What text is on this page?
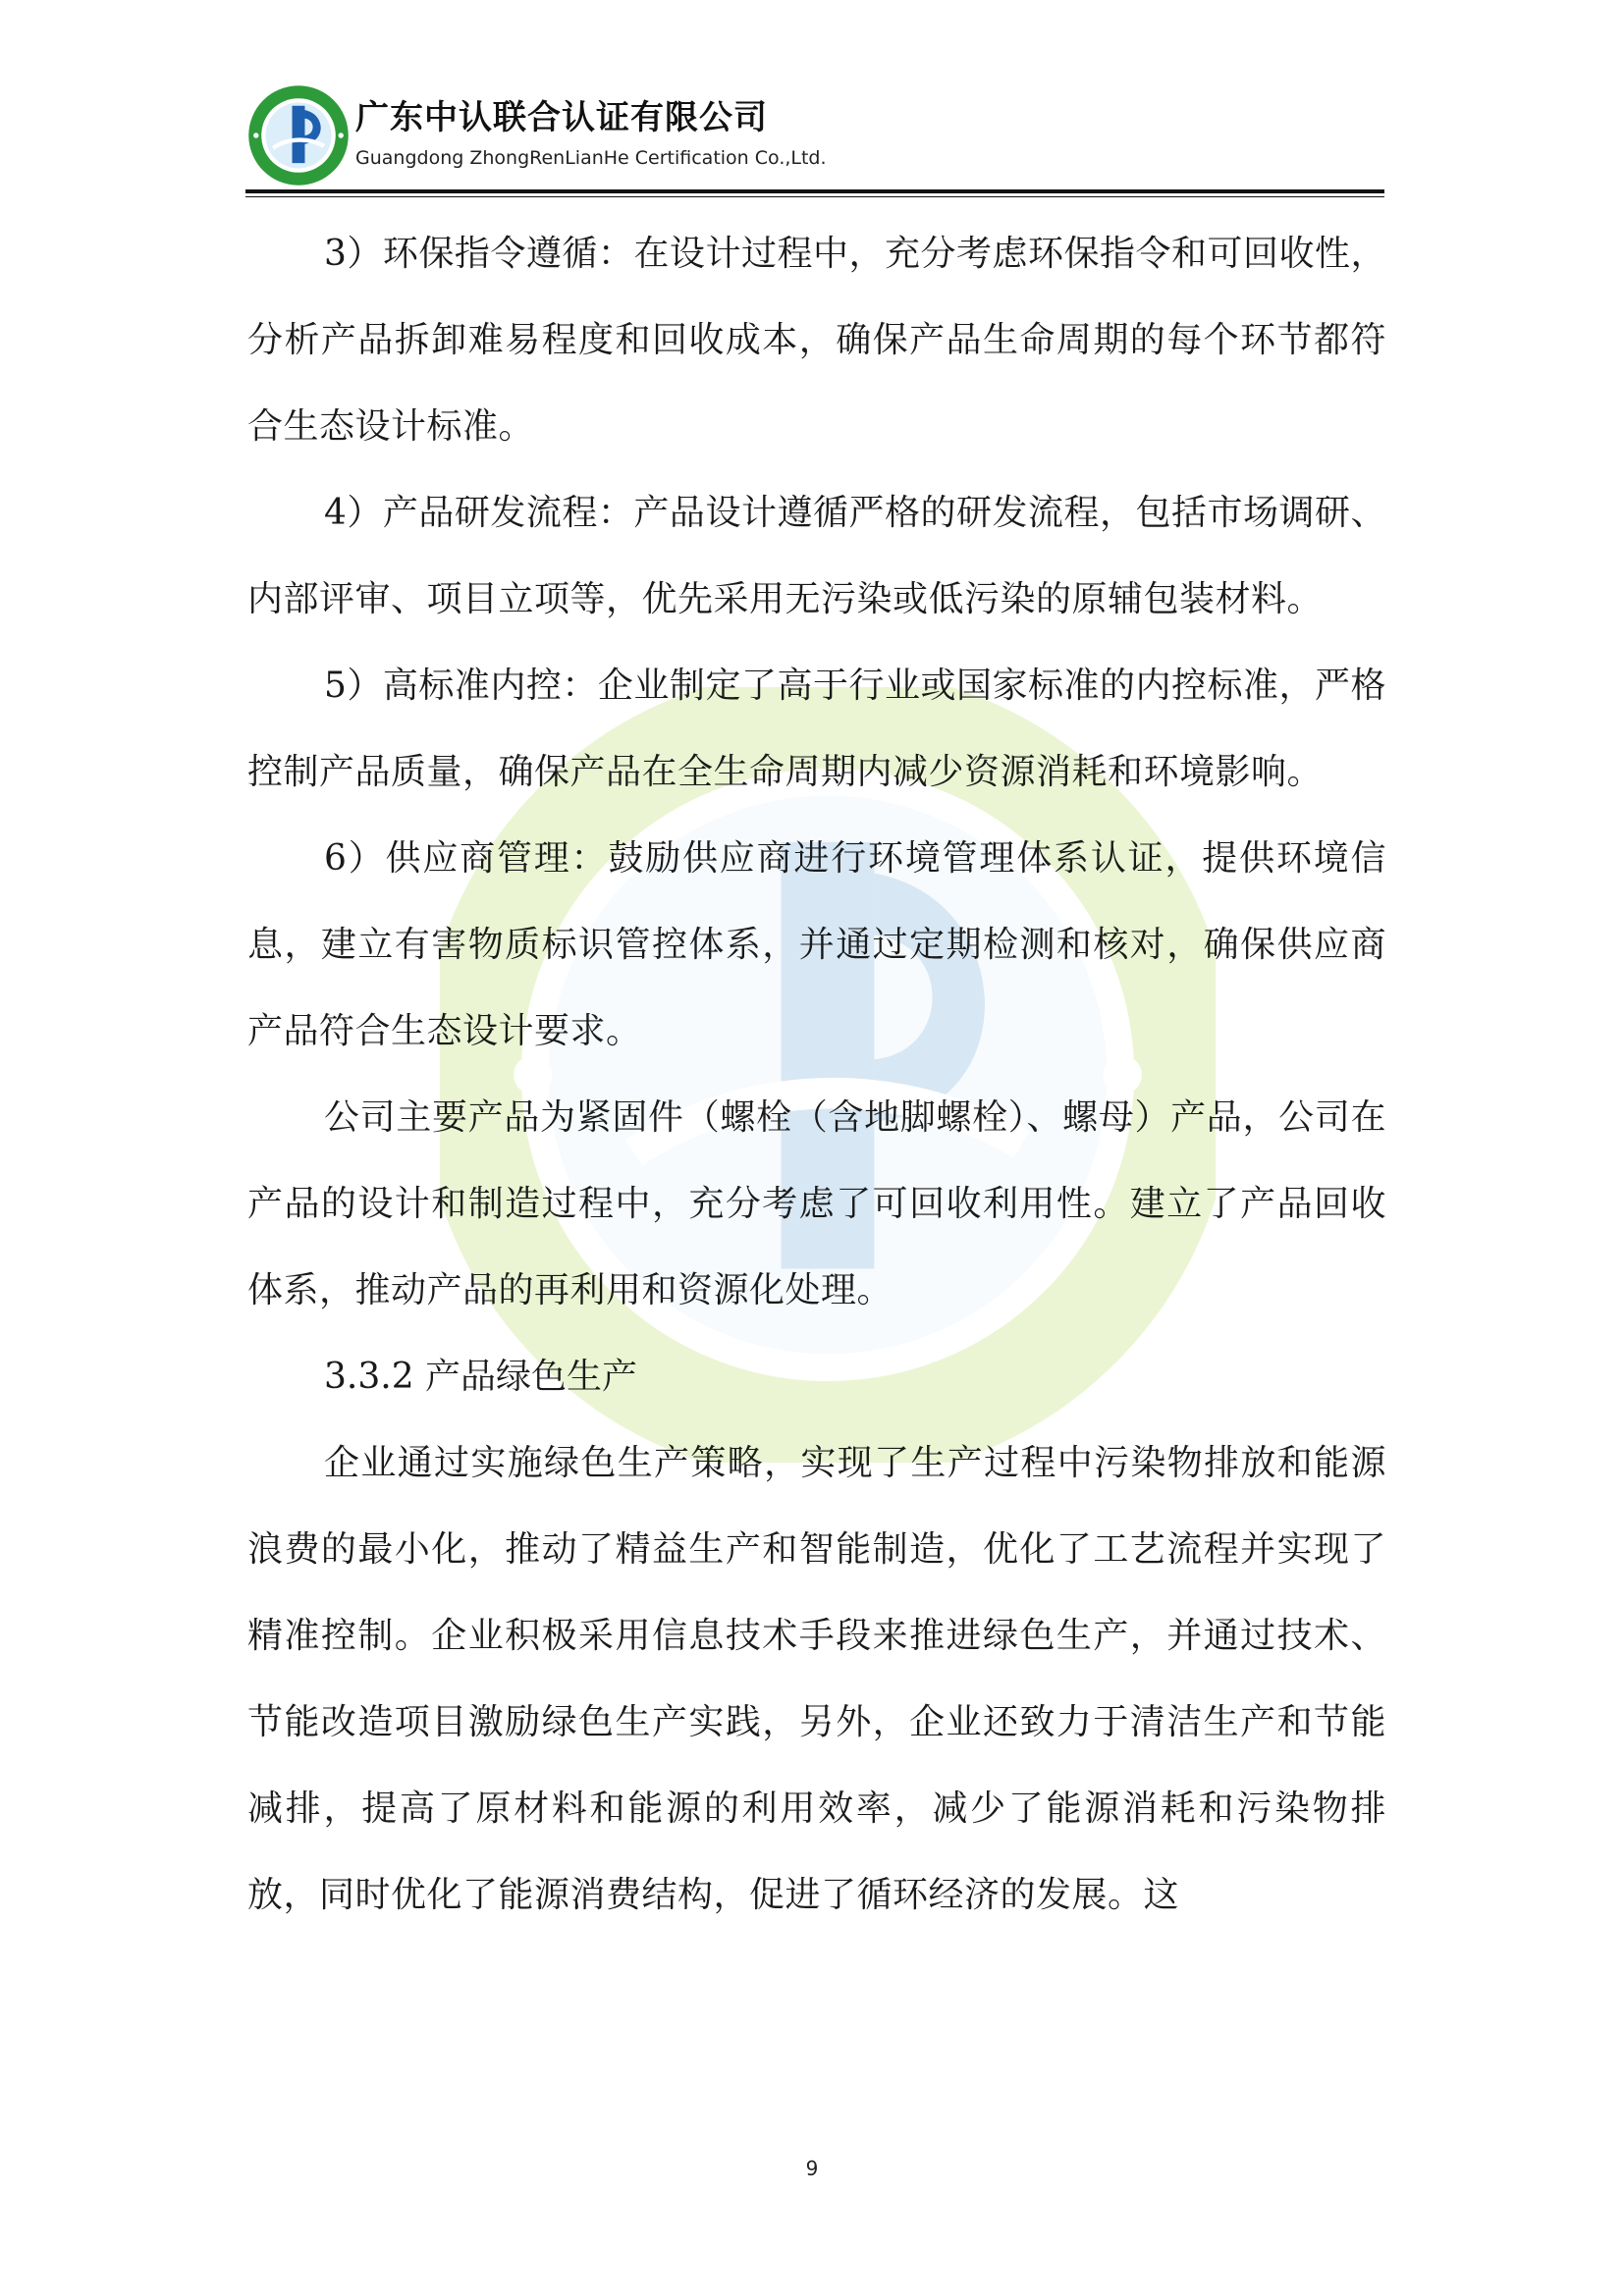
广东中认联合认证有限公司
Guangdong ZhongRenLianHe Certification Co.,Ltd.

3）环保指令遵循：在设计过程中，充分考虑环保指令和可回收性，分析产品拆卸难易程度和回收成本，确保产品生命周期的每个环节都符合生态设计标准。

4）产品研发流程：产品设计遵循严格的研发流程，包括市场调研、内部评审、项目立项等，优先采用无污染或低污染的原辅包装材料。

5）高标准内控：企业制定了高于行业或国家标准的内控标准，严格控制产品质量，确保产品在全生命周期内减少资源消耗和环境影响。

6）供应商管理：鼓励供应商进行环境管理体系认证，提供环境信息，建立有害物质标识管控体系，并通过定期检测和核对，确保供应商产品符合生态设计要求。

公司主要产品为紧固件（螺栓（含地脚螺栓）、螺母）产品，公司在产品的设计和制造过程中，充分考虑了可回收利用性。建立了产品回收体系，推动产品的再利用和资源化处理。

3.3.2 产品绿色生产

企业通过实施绿色生产策略，实现了生产过程中污染物排放和能源浪费的最小化，推动了精益生产和智能制造，优化了工艺流程并实现了精准控制。企业积极采用信息技术手段来推进绿色生产，并通过技术、节能改造项目激励绿色生产实践，另外，企业还致力于清洁生产和节能减排，提高了原材料和能源的利用效率，减少了能源消耗和污染物排放，同时优化了能源消费结构，促进了循环经济的发展。这

9
